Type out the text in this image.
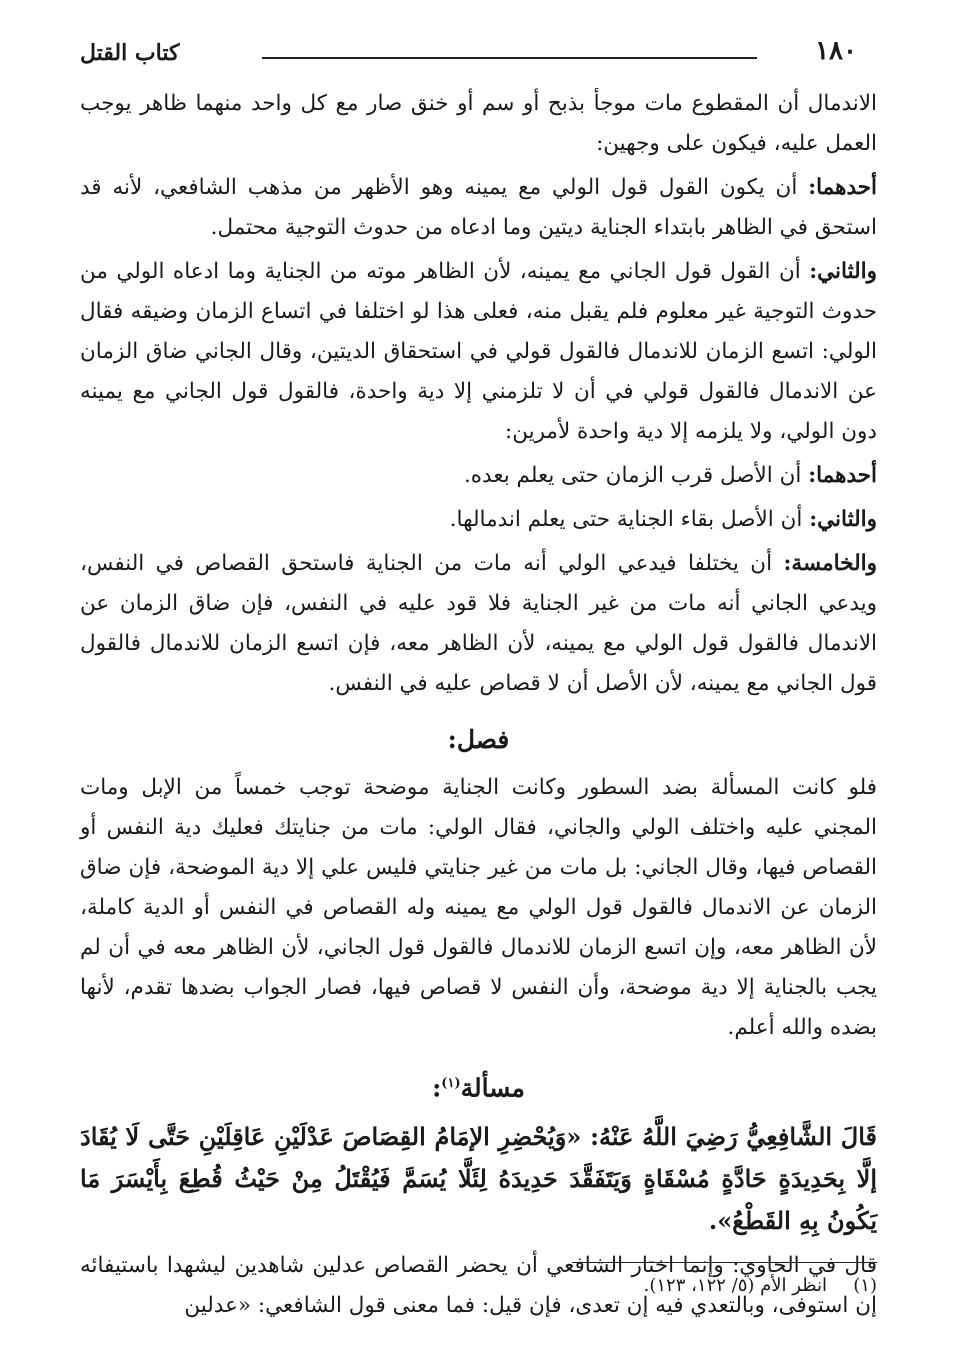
١٨٠
كتاب القتل

الاندمال أن المقطوع مات موجأ بذبح أو سم أو خنق صار مع كل واحد منهما ظاهر يوجب العمل عليه، فيكون على وجهين:

أحدهما: أن يكون القول قول الولي مع يمينه وهو الأظهر من مذهب الشافعي، لأنه قد استحق في الظاهر بابتداء الجناية ديتين وما ادعاه من حدوث التوجية محتمل.

والثاني: أن القول قول الجاني مع يمينه، لأن الظاهر موته من الجناية وما ادعاه الولي من حدوث التوجية غير معلوم فلم يقبل منه، فعلى هذا لو اختلفا في اتساع الزمان وضيقه فقال الولي: اتسع الزمان للاندمال فالقول قولي في استحقاق الديتين، وقال الجاني ضاق الزمان عن الاندمال فالقول قولي في أن لا تلزمني إلا دية واحدة، فالقول قول الجاني مع يمينه دون الولي، ولا يلزمه إلا دية واحدة لأمرين:

أحدهما: أن الأصل قرب الزمان حتى يعلم بعده.

والثاني: أن الأصل بقاء الجناية حتى يعلم اندمالها.

والخامسة: أن يختلفا فيدعي الولي أنه مات من الجناية فاستحق القصاص في النفس، ويدعي الجاني أنه مات من غير الجناية فلا قود عليه في النفس، فإن ضاق الزمان عن الاندمال فالقول قول الولي مع يمينه، لأن الظاهر معه، فإن اتسع الزمان للاندمال فالقول قول الجاني مع يمينه، لأن الأصل أن لا قصاص عليه في النفس.

فصل:

فلو كانت المسألة بضد السطور وكانت الجناية موضحة توجب خمساً من الإبل ومات المجني عليه واختلف الولي والجاني، فقال الولي: مات من جنايتك فعليك دية النفس أو القصاص فيها، وقال الجاني: بل مات من غير جنايتي فليس علي إلا دية الموضحة، فإن ضاق الزمان عن الاندمال فالقول قول الولي مع يمينه وله القصاص في النفس أو الدية كاملة، لأن الظاهر معه، وإن اتسع الزمان للاندمال فالقول قول الجاني، لأن الظاهر معه في أن لم يجب بالجناية إلا دية موضحة، وأن النفس لا قصاص فيها، فصار الجواب بضدها تقدم، لأنها بضده والله أعلم.

مسألة$^{(١)}$:

قَالَ الشَّافِعِيُّ رَضِيَ اللَّهُ عَنْهُ: «وَيُحْضِرِ الإمَامُ القِصَاصَ عَدْلَيْنِ عَاقِلَيْنِ حَتَّى لَا يُقَادَ إلَّا بِحَدِيدَةٍ حَادَّةٍ مُسْقَاةٍ وَيَتَفَقَّدَ حَدِيدَهُ لِئَلَّا يُسَمَّ فَيُقْتَلُ مِنْ حَيْثُ قُطِعَ بِأَيْسَرَ مَا يَكُونُ بِهِ القَطْعُ».

قال في الحاوي: وإنما اختار الشافعي أن يحضر القصاص عدلين شاهدين ليشهدا باستيفائه إن استوفى، وبالتعدي فيه إن تعدى، فإن قيل: فما معنى قول الشافعي: «عدلين

(١)انظر الأم (٥/ ١٢٢، ١٢٣).
